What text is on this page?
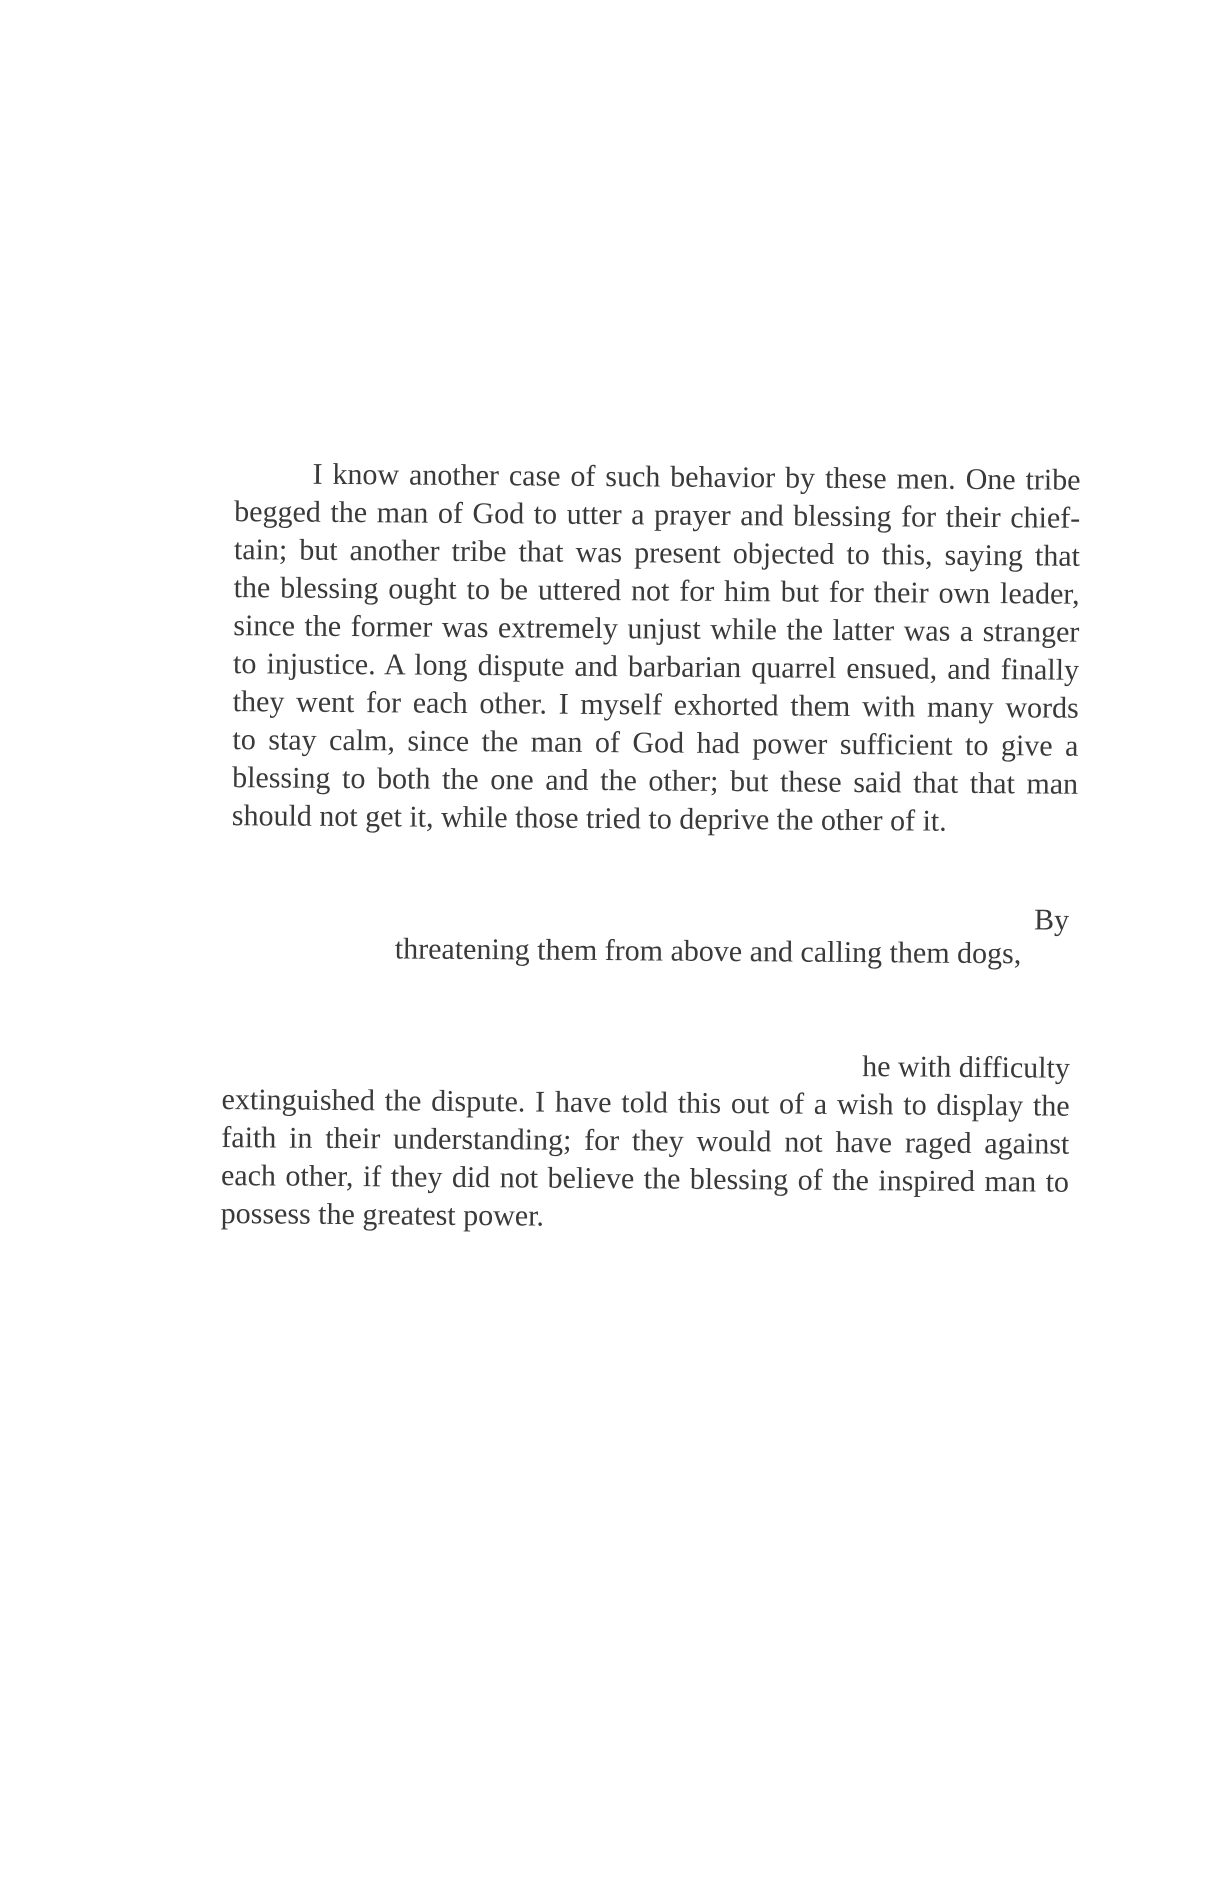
I know another case of such behavior by these men. One tribe
begged the man of God to utter a prayer and blessing for their chief-
tain; but another tribe that was present objected to this, saying that
the blessing ought to be uttered not for him but for their own leader,
since the former was extremely unjust while the latter was a stranger
to injustice. A long dispute and barbarian quarrel ensued, and finally
they went for each other. I myself exhorted them with many words
to stay calm, since the man of God had power sufficient to give a
blessing to both the one and the other; but these said that that man
should not get it, while those tried to deprive the other of it.
By
threatening them from above and calling them dogs,
he with difficulty
extinguished the dispute. I have told this out of a wish to display the
faith in their understanding; for they would not have raged against
each other, if they did not believe the blessing of the inspired man to
possess the greatest power.
